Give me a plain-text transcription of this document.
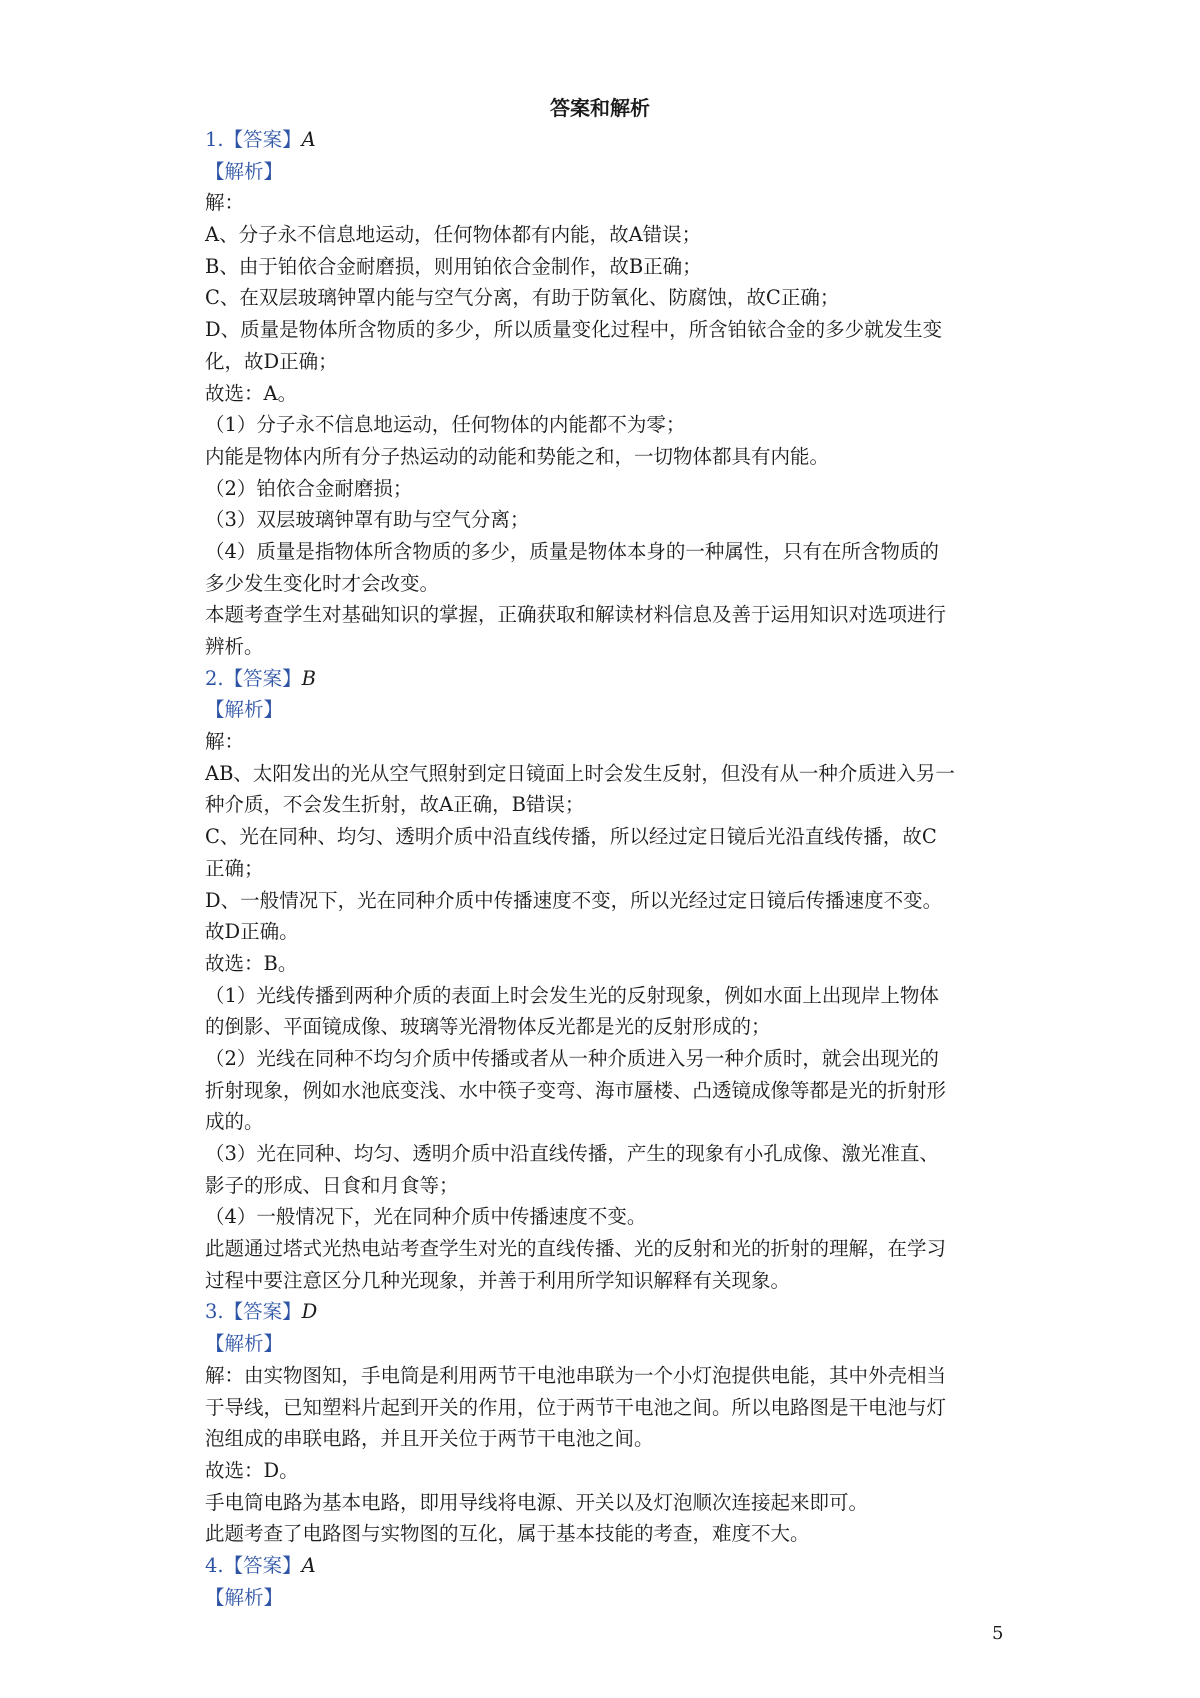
答案和解析
1.【答案】A
【解析】
解：
A、分子永不信息地运动，任何物体都有内能，故A错误；
B、由于铂依合金耐磨损，则用铂依合金制作，故B正确；
C、在双层玻璃钟罩内能与空气分离，有助于防氧化、防腐蚀，故C正确；
D、质量是物体所含物质的多少，所以质量变化过程中，所含铂铱合金的多少就发生变
化，故D正确；
故选：A。
（1）分子永不信息地运动，任何物体的内能都不为零；
内能是物体内所有分子热运动的动能和势能之和，一切物体都具有内能。
（2）铂依合金耐磨损；
（3）双层玻璃钟罩有助与空气分离；
（4）质量是指物体所含物质的多少，质量是物体本身的一种属性，只有在所含物质的
多少发生变化时才会改变。
本题考查学生对基础知识的掌握，正确获取和解读材料信息及善于运用知识对选项进行
辨析。
2.【答案】B
【解析】
解：
AB、太阳发出的光从空气照射到定日镜面上时会发生反射，但没有从一种介质进入另一
种介质，不会发生折射，故A正确，B错误；
C、光在同种、均匀、透明介质中沿直线传播，所以经过定日镜后光沿直线传播，故C
正确；
D、一般情况下，光在同种介质中传播速度不变，所以光经过定日镜后传播速度不变。
故D正确。
故选：B。
（1）光线传播到两种介质的表面上时会发生光的反射现象，例如水面上出现岸上物体
的倒影、平面镜成像、玻璃等光滑物体反光都是光的反射形成的；
（2）光线在同种不均匀介质中传播或者从一种介质进入另一种介质时，就会出现光的
折射现象，例如水池底变浅、水中筷子变弯、海市蜃楼、凸透镜成像等都是光的折射形
成的。
（3）光在同种、均匀、透明介质中沿直线传播，产生的现象有小孔成像、激光准直、
影子的形成、日食和月食等；
（4）一般情况下，光在同种介质中传播速度不变。
此题通过塔式光热电站考查学生对光的直线传播、光的反射和光的折射的理解，在学习
过程中要注意区分几种光现象，并善于利用所学知识解释有关现象。
3.【答案】D
【解析】
解：由实物图知，手电筒是利用两节干电池串联为一个小灯泡提供电能，其中外壳相当
于导线，已知塑料片起到开关的作用，位于两节干电池之间。所以电路图是干电池与灯
泡组成的串联电路，并且开关位于两节干电池之间。
故选：D。
手电筒电路为基本电路，即用导线将电源、开关以及灯泡顺次连接起来即可。
此题考查了电路图与实物图的互化，属于基本技能的考查，难度不大。
4.【答案】A
【解析】
5
